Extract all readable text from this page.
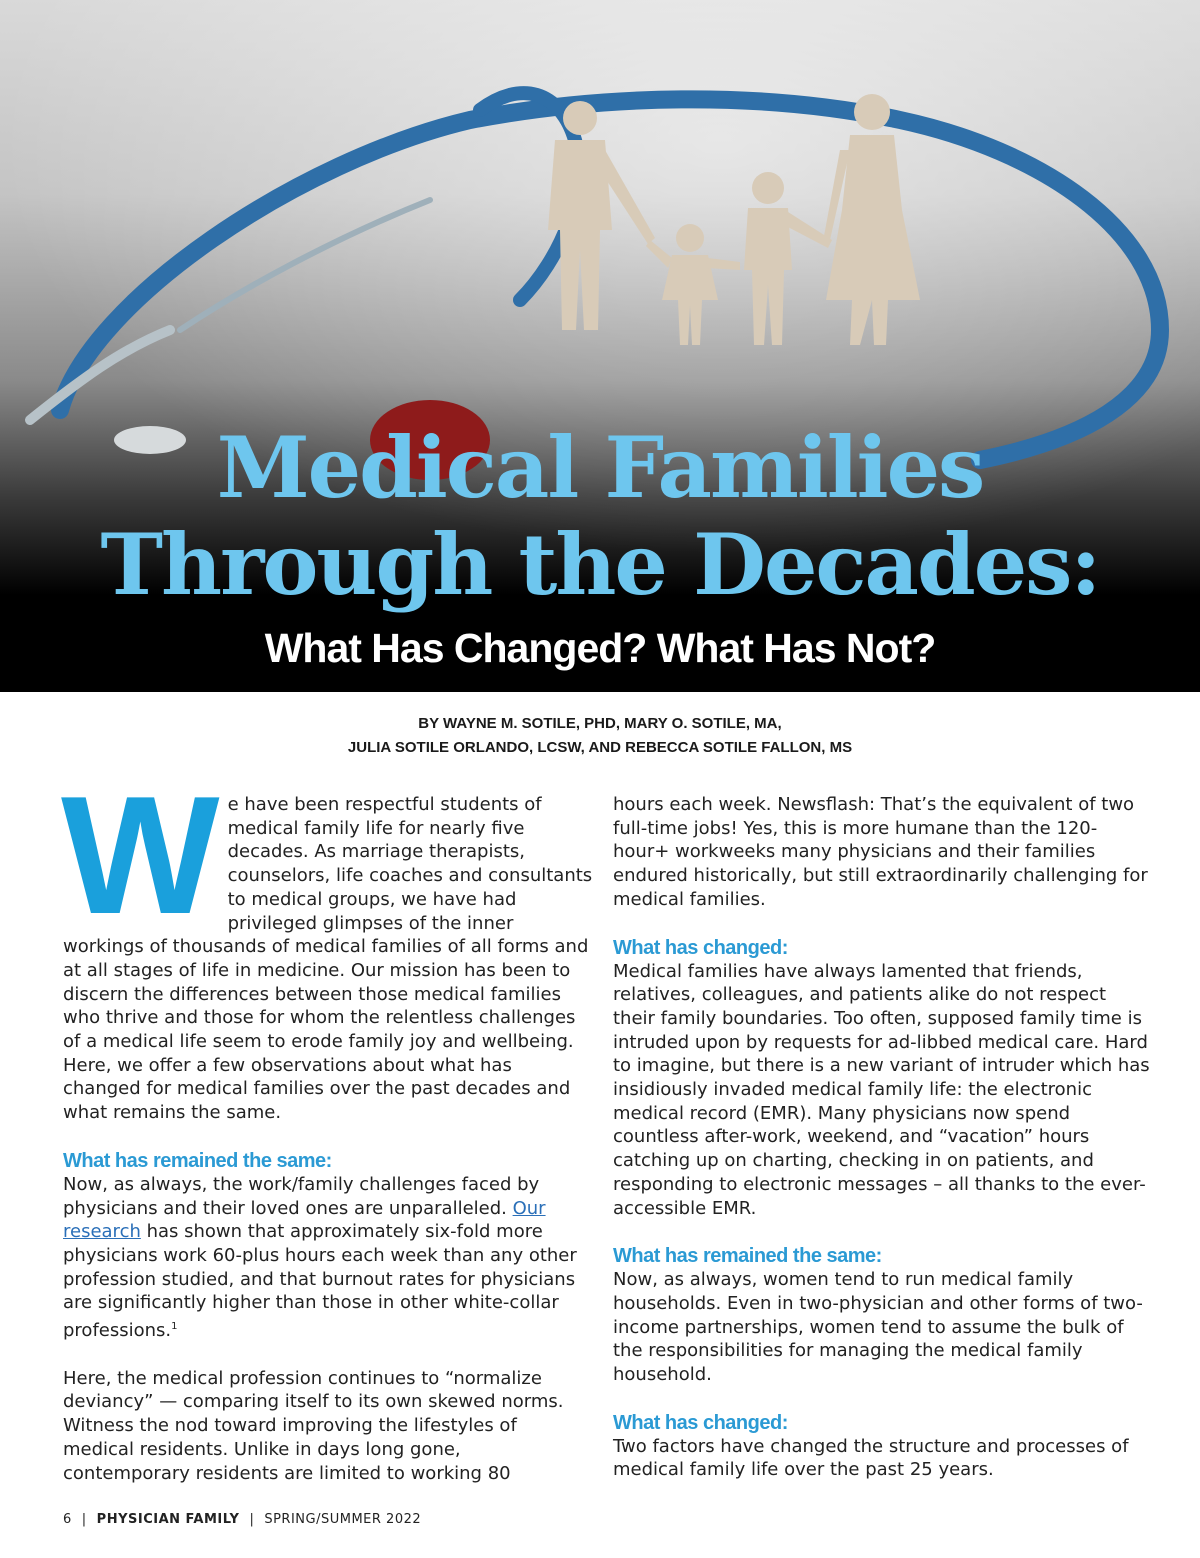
Medical Families
Through the Decades:
What Has Changed? What Has Not?
BY WAYNE M. SOTILE, PHD, MARY O. SOTILE, MA,
JULIA SOTILE ORLANDO, LCSW, AND REBECCA SOTILE FALLON, MS

We have been respectful students of medical family life for nearly five decades. As marriage therapists, counselors, life coaches and consultants to medical groups, we have had privileged glimpses of the inner workings of thousands of medical families of all forms and at all stages of life in medicine. Our mission has been to discern the differences between those medical families who thrive and those for whom the relentless challenges of a medical life seem to erode family joy and wellbeing. Here, we offer a few observations about what has changed for medical families over the past decades and what remains the same.

What has remained the same:

Now, as always, the work/family challenges faced by physicians and their loved ones are unparalleled. Our research has shown that approximately six-fold more physicians work 60-plus hours each week than any other profession studied, and that burnout rates for physicians are significantly higher than those in other white-collar professions.$^1$

Here, the medical profession continues to “normalize deviancy” — comparing itself to its own skewed norms. Witness the nod toward improving the lifestyles of medical residents. Unlike in days long gone, contemporary residents are limited to working 80

hours each week. Newsflash: That’s the equivalent of two full-time jobs! Yes, this is more humane than the 120-hour+ workweeks many physicians and their families endured historically, but still extraordinarily challenging for medical families.

What has changed:

Medical families have always lamented that friends, relatives, colleagues, and patients alike do not respect their family boundaries. Too often, supposed family time is intruded upon by requests for ad-libbed medical care. Hard to imagine, but there is a new variant of intruder which has insidiously invaded medical family life: the electronic medical record (EMR). Many physicians now spend countless after-work, weekend, and “vacation” hours catching up on charting, checking in on patients, and responding to electronic messages – all thanks to the ever-accessible EMR.

What has remained the same:

Now, as always, women tend to run medical family households. Even in two-physician and other forms of two-income partnerships, women tend to assume the bulk of the responsibilities for managing the medical family household.

What has changed:

Two factors have changed the structure and processes of medical family life over the past 25 years.

6 | PHYSICIAN FAMILY | SPRING/SUMMER 2022
